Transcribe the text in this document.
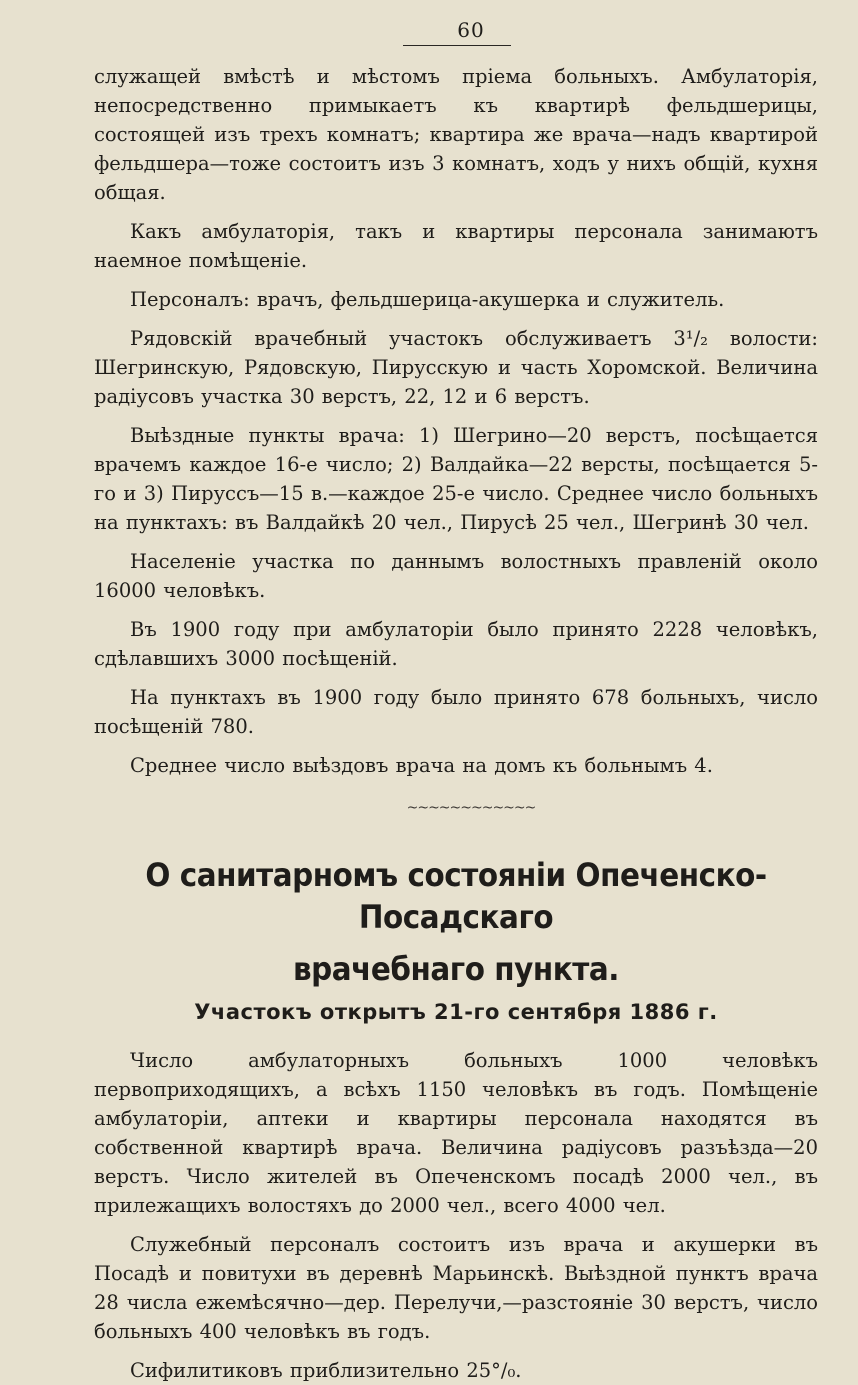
60

служащей вмѣстѣ и мѣстомъ пріема больныхъ. Амбулаторія, непосредственно примыкаетъ къ квартирѣ фельдшерицы, состоящей изъ трехъ комнатъ; квартира же врача—надъ квартирой фельдшера—тоже состоитъ изъ 3 комнатъ, ходъ у нихъ общій, кухня общая.

Какъ амбулаторія, такъ и квартиры персонала занимаютъ наемное помѣщеніе.

Персоналъ: врачъ, фельдшерица-акушерка и служитель.

Рядовскій врачебный участокъ обслуживаетъ 3¹/₂ волости: Шегринскую, Рядовскую, Пирусскую и часть Хоромской. Величина радіусовъ участка 30 верстъ, 22, 12 и 6 верстъ.

Выѣздные пункты врача: 1) Шегрино—20 верстъ, посѣщается врачемъ каждое 16-е число; 2) Валдайка—22 версты, посѣщается 5-го и 3) Пируссъ—15 в.—каждое 25-е число. Среднее число больныхъ на пунктахъ: въ Валдайкѣ 20 чел., Пирусѣ 25 чел., Шегринѣ 30 чел.

Населеніе участка по даннымъ волостныхъ правленій около 16000 человѣкъ.

Въ 1900 году при амбулаторіи было принято 2228 человѣкъ, сдѣлавшихъ 3000 посѣщеній.

На пунктахъ въ 1900 году было принято 678 больныхъ, число посѣщеній 780.

Среднее число выѣздовъ врача на домъ къ больнымъ 4.

~~~~~~~~~~~~
О санитарномъ состояніи Опеченско-Посадскаго
врачебнаго пункта.
Участокъ открытъ 21-го сентября 1886 г.

Число амбулаторныхъ больныхъ 1000 человѣкъ первоприходящихъ, а всѣхъ 1150 человѣкъ въ годъ. Помѣщеніе амбулаторіи, аптеки и квартиры персонала находятся въ собственной квартирѣ врача. Величина радіусовъ разъѣзда—20 верстъ. Число жителей въ Опеченскомъ посадѣ 2000 чел., въ прилежащихъ волостяхъ до 2000 чел., всего 4000 чел.

Служебный персоналъ состоитъ изъ врача и акушерки въ Посадѣ и повитухи въ деревнѣ Марьинскѣ. Выѣздной пунктъ врача 28 числа ежемѣсячно—дер. Перелучи,—разстояніе 30 верстъ, число больныхъ 400 человѣкъ въ годъ.

Сифилитиковъ приблизительно 25°/₀.
